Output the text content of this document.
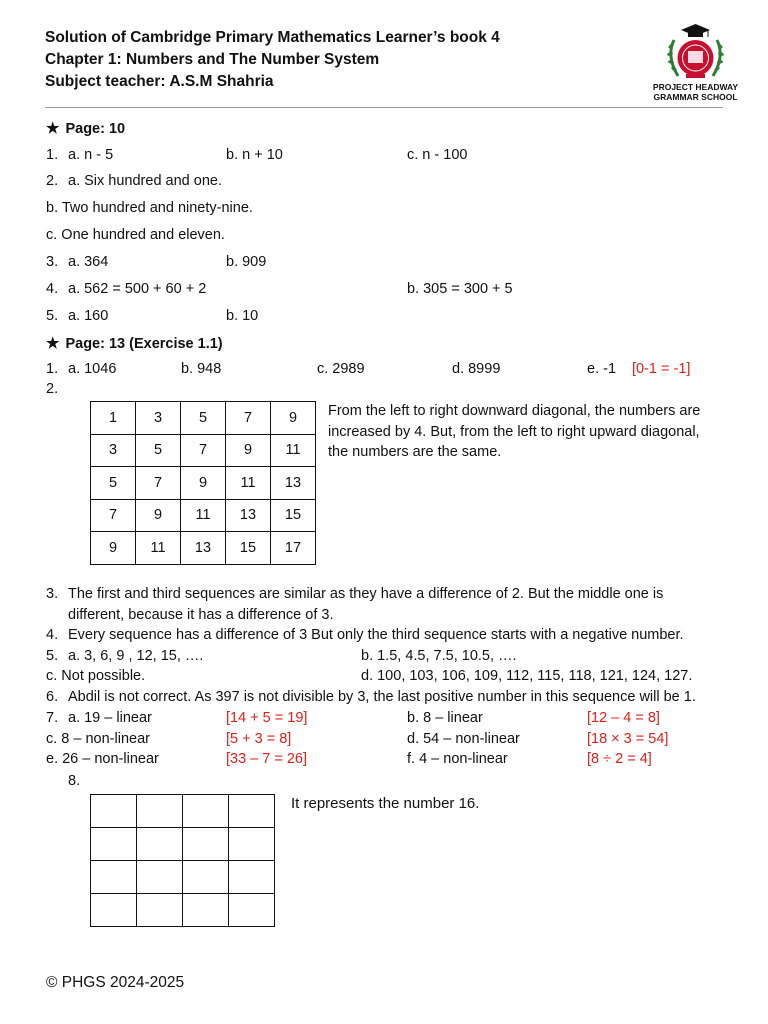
Solution of Cambridge Primary Mathematics Learner’s book 4
Chapter 1: Numbers and The Number System
Subject teacher: A.S.M Shahria	PROJECT HEADWAY
GRAMMAR SCHOOL
★ Page: 10
1. a. n - 5	b. n + 10	c. n - 100
2. a. Six hundred and one.
b. Two hundred and ninety-nine.
c. One hundred and eleven.
3. a. 364	b. 909
4. a. 562 = 500 + 60 + 2	b. 305 = 300 + 5
5. a. 160	b. 10
★ Page: 13 (Exercise 1.1)
1. a. 1046	b. 948	c. 2989	d. 8999	e. -1 [0-1 = -1]
2.
1	3	5	7	9
3	5	7	9	11
5	7	9	11	13
7	9	11	13	15
9	11	13	15	17
From the left to right downward diagonal, the numbers are
increased by 4. But, from the left to right upward diagonal,
the numbers are the same.
3. The first and third sequences are similar as they have a difference of 2. But the middle one is
different, because it has a difference of 3.
4. Every sequence has a difference of 3 But only the third sequence starts with a negative number.
5. a. 3, 6, 9 , 12, 15, ….	b. 1.5, 4.5, 7.5, 10.5, ….
c. Not possible.	d. 100, 103, 106, 109, 112, 115, 118, 121, 124, 127.
6. Abdil is not correct. As 397 is not divisible by 3, the last positive number in this sequence will be 1.
7. a. 19 – linear	[14 + 5 = 19]	b. 8 – linear	[12 – 4 = 8]
c. 8 – non-linear	[5 + 3 = 8]	d. 54 – non-linear	[18 × 3 = 54]
e. 26 – non-linear	[33 – 7 = 26]	f. 4 – non-linear	[8 ÷ 2 = 4]
8.

It represents the number 16.
© PHGS 2024-2025
